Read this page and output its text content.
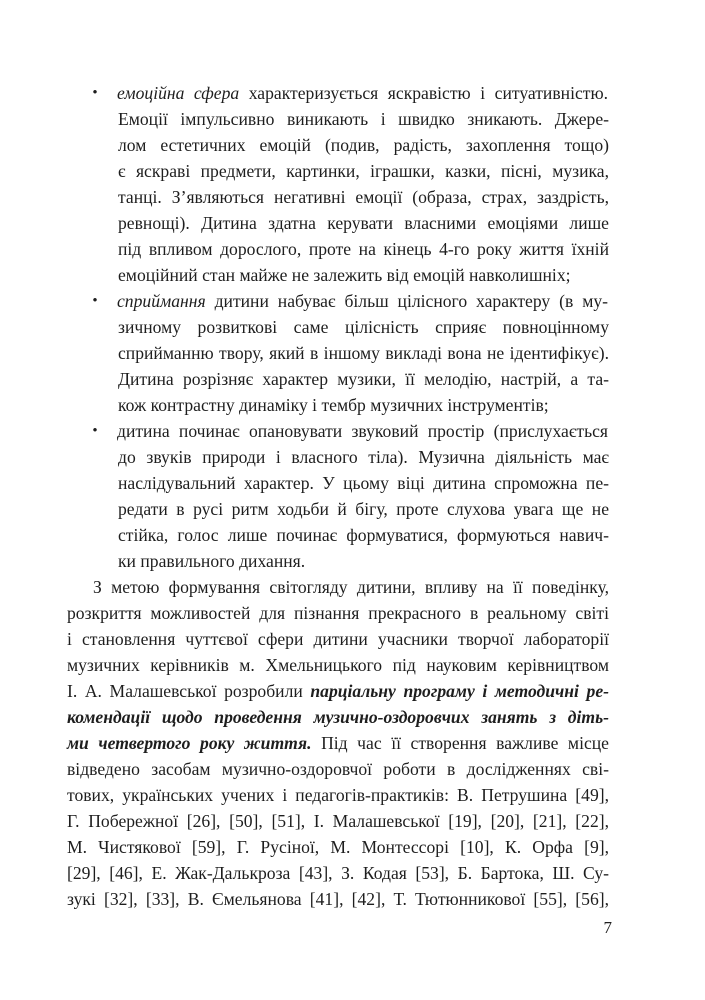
• емоційна сфера характеризується яскравістю і ситуативністю.
Емоції імпульсивно виникають і швидко зникають. Джере-
лом естетичних емоцій (подив, радість, захоплення тощо)
є яскраві предмети, картинки, іграшки, казки, пісні, музика,
танці. З’являються негативні емоції (образа, страх, заздрість,
ревнощі). Дитина здатна керувати власними емоціями лише
під впливом дорослого, проте на кінець 4-го року життя їхній
емоційний стан майже не залежить від емоцій навколишніх;
• сприймання дитини набуває більш цілісного характеру (в му-
зичному розвиткові саме цілісність сприяє повноцінному
сприйманню твору, який в іншому викладі вона не ідентифікує).
Дитина розрізняє характер музики, її мелодію, настрій, а та-
кож контрастну динаміку і тембр музичних інструментів;
• дитина починає опановувати звуковий простір (прислухається
до звуків природи і власного тіла). Музична діяльність має
наслідувальний характер. У цьому віці дитина спроможна пе-
редати в русі ритм ходьби й бігу, проте слухова увага ще не
стійка, голос лише починає формуватися, формуються навич-
ки правильного дихання.
З метою формування світогляду дитини, впливу на її поведінку,
розкриття можливостей для пізнання прекрасного в реальному світі
і становлення чуттєвої сфери дитини учасники творчої лабораторії
музичних керівників м. Хмельницького під науковим керівництвом
І. А. Малашевської розробили парціальну програму і методичні ре-
комендації щодо проведення музично-оздоровчих занять з діть-
ми четвертого року життя. Під час її створення важливе місце
відведено засобам музично-оздоровчої роботи в дослідженнях сві-
тових, українських учених і педагогів-практиків: В. Петрушина [49],
Г. Побережної [26], [50], [51], І. Малашевської [19], [20], [21], [22],
М. Чистякової [59], Г. Русіної, М. Монтессорі [10], К. Орфа [9],
[29], [46], Е. Жак-Далькроза [43], З. Кодая [53], Б. Бартока, Ш. Су-
зукі [32], [33], В. Ємельянова [41], [42], Т. Тютюнникової [55], [56],
7
